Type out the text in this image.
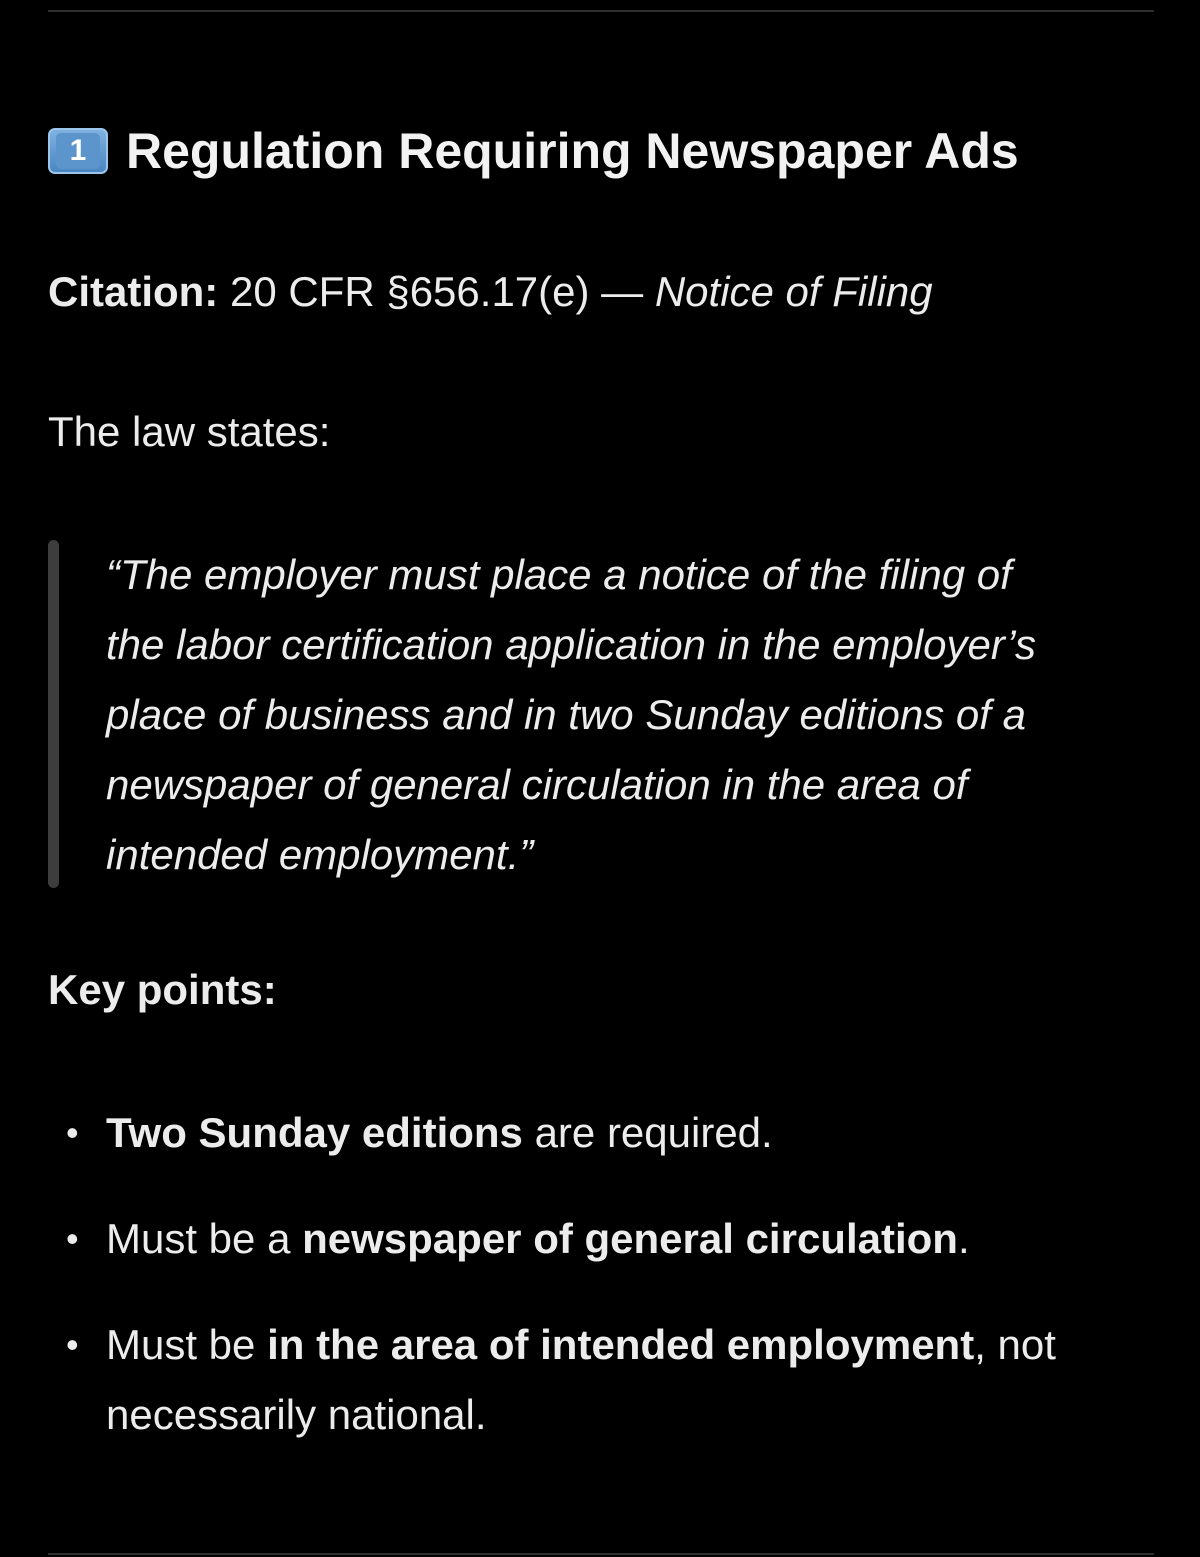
1 Regulation Requiring Newspaper Ads
Citation: 20 CFR §656.17(e) — Notice of Filing
The law states:
“The employer must place a notice of the filing of
the labor certification application in the employer’s
place of business and in two Sunday editions of a
newspaper of general circulation in the area of
intended employment.”
Key points:
• Two Sunday editions are required.
• Must be a newspaper of general circulation.
• Must be in the area of intended employment, not
necessarily national.
